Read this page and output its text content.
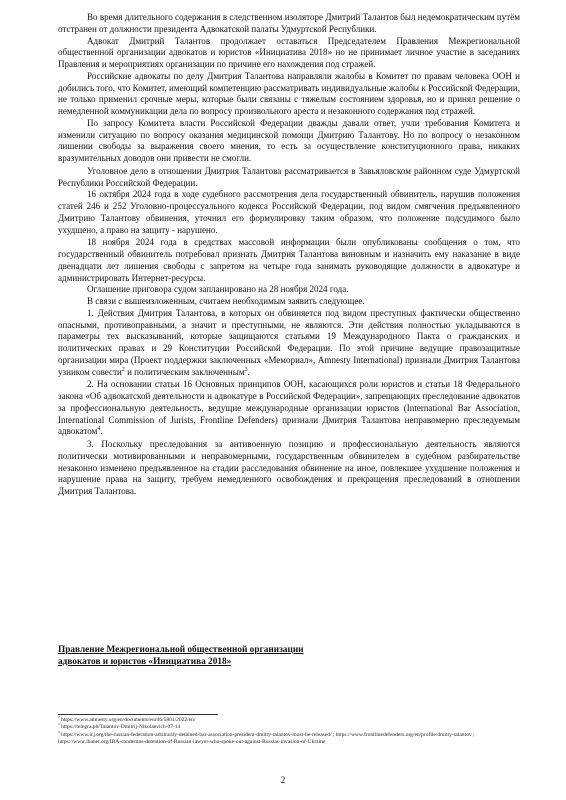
Во время длительного содержания в следственном изоляторе Дмитрий Талантов был недемократическим путём отстранен от должности президента Адвокатской палаты Удмуртской Республики.

Адвокат Дмитрий Талантов продолжает оставаться Председателем Правления Межрегиональной общественной организации адвокатов и юристов «Инициатива 2018» но не принимает личное участие в заседаниях Правления и мероприятиях организации по причине его нахождения под стражей.

Российские адвокаты по делу Дмитрия Талантова направляли жалобы в Комитет по правам человека ООН и добились того, что Комитет, имеющий компетенцию рассматривать индивидуальные жалобы к Российской Федерации, не только применил срочные меры, которые были связаны с тяжелым состоянием здоровья, но и принял решение о немедленной коммуникации дела по вопросу произвольного ареста и незаконного содержания под стражей.

По запросу Комитета власти Российской Федерации дважды давали ответ, учли требования Комитета и изменили ситуацию по вопросу оказания медицинской помощи Дмитрию Талантову. Но по вопросу о незаконном лишении свободы за выражения своего мнения, то есть за осуществление конституционного права, никаких вразумительных доводов они привести не смогли.

Уголовное дело в отношении Дмитрия Талантова рассматривается в Завьяловском районном суде Удмуртской Республики Российской Федерации.

16 октября 2024 года в ходе судебного рассмотрения дела государственный обвинитель, нарушив положения статей 246 и 252 Уголовно-процессуального кодекса Российской Федерации, под видом смягчения предъявленного Дмитрию Талантову обвинения, уточнил его формулировку таким образом, что положение подсудимого было ухудшено, а право на защиту - нарушено.

18 ноября 2024 года в средствах массовой информации были опубликованы сообщения о том, что государственный обвинитель потребовал признать Дмитрия Талантова виновным и назначить ему наказание в виде двенадцати лет лишения свободы с запретом на четыре года занимать руководящие должности в адвокатуре и администрировать Интернет-ресурсы.

Оглашение приговора судом запланировано на 28 ноября 2024 года.

В связи с вышеизложенным, считаем необходимым заявить следующее.

1. Действия Дмитрия Талантова, в которых он обвиняется под видом преступных фактически общественно опасными, противоправными, а значит и преступными, не являются. Эти действия полностью укладываются в параметры тех высказываний, которые защищаются статьями 19 Международного Пакта о гражданских и политических правах и 29 Конституции Российской Федерации. По этой причине ведущие правозащитные организации мира (Проект поддержки заключенных «Мемориал», Amnesty International) признали Дмитрия Талантова узником совести$^2$ и политическим заключенным$^3$.

2. На основании статьи 16 Основных принципов ООН, касающихся роли юристов и статьи 18 Федерального закона «Об адвокатской деятельности и адвокатуре в Российской Федерации», запрещающих преследование адвокатов за профессиональную деятельность, ведущие международные организации юристов (International Bar Association, International Commission of Jurists, Frontline Defenders) признали Дмитрия Талантова неправомерно преследуемым адвокатом$^4$.

3. Поскольку преследования за антивоенную позицию и профессиональную деятельность являются политически мотивированными и неправомерными, государственным обвинителем в судебном разбирательстве незаконно изменено предъявленное на стадии расследования обвинение на иное, повлекшее ухудшение положения и нарушение права на защиту, требуем немедленного освобождения и прекращения преследований в отношении Дмитрия Талантова.

Правление Межрегиональной общественной организации
адвокатов и юристов «Инициатива 2018»

$^2$ https://www.amnesty.org/en/documents/eur46/5801/2022/en/

$^3$ https://telegra.ph/Talantov-Dmitrij-Nikolaevich-07-14

$^4$ https://www.icj.org/the-russian-federation-arbitrarily-detained-bar-association-president-dmitry-talantov-must-be-released/ ; https://www.frontlinedefenders.org/en/profile/dmitry-talantov ; https://www.ibanet.org/IBA-condemns-detention-of-Russian-lawyer-who-spoke-out-against-Russias-invasion-of-Ukraine

2
